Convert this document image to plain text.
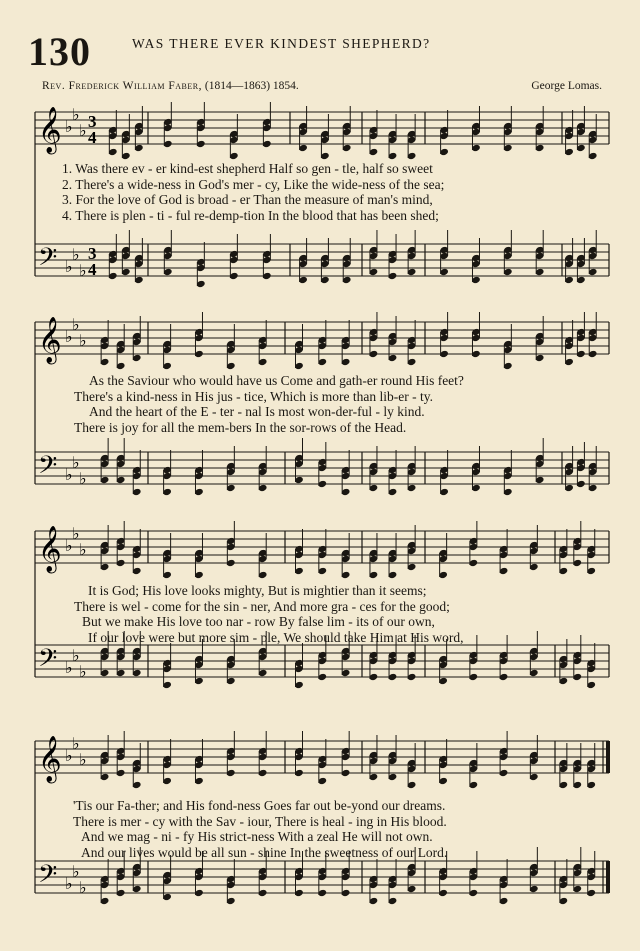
130	WAS THERE EVER KINDEST SHEPHERD?
Rev. Frederick William Faber, (1814—1863) 1854.	George Lomas.
𝄞 ♭
♭
♭ 3
4
𝄢 ♭
♭
♭
3
4
1. Was there ev - er kind-est shepherd Half so gen - tle, half so sweet
2. There's a wide-ness in God's mer - cy, Like the wide-ness of the sea;
3. For the love of God is broad - er Than the measure of man's mind,
4. There is plen - ti - ful re-demp-tion In the blood that has been shed;
𝄞 ♭
♭
♭
𝄢 ♭
♭
♭
As the Saviour who would have us Come and gath-er round His feet?
There's a kind-ness in His jus - tice, Which is more than lib-er - ty.
And the heart of the E - ter - nal Is most won-der-ful - ly kind.
There is joy for all the mem-bers In the sor-rows of the Head.
𝄞 ♭
♭
♭
𝄢 ♭
♭
♭
It is God; His love looks mighty, But is mightier than it seems;
There is wel - come for the sin - ner, And more gra - ces for the good;
But we make His love too nar - row By false lim - its of our own,
If our love were but more sim - ple, We should take Him at His word,
𝄞 ♭
♭
♭
𝄢 ♭
♭
♭
'Tis our Fa-ther; and His fond-ness Goes far out be-yond our dreams.
There is mer - cy with the Sav - iour, There is heal - ing in His blood.
And we mag - ni - fy His strict-ness With a zeal He will not own.
And our lives would be all sun - shine In the sweetness of our Lord.
